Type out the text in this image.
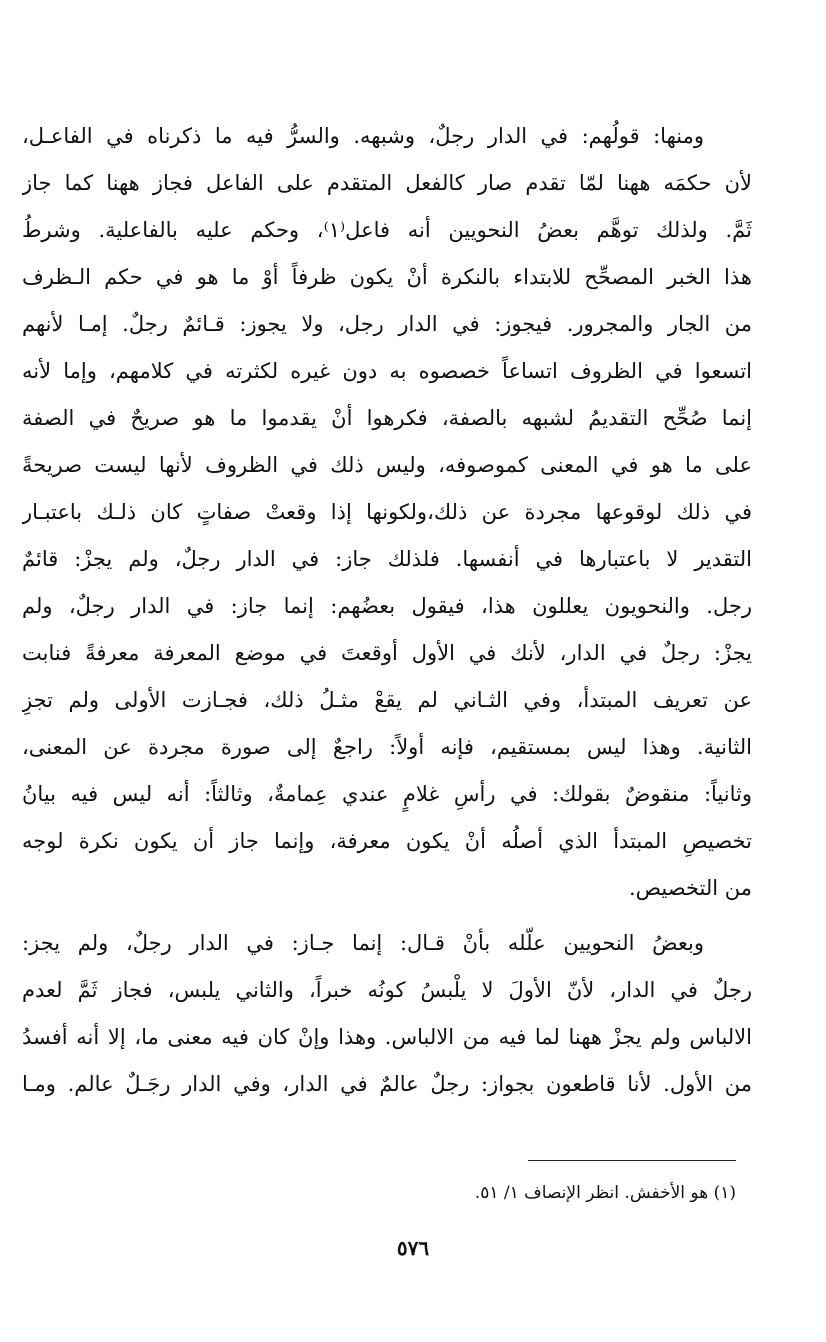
ومنها: قولُهم: في الدار رجلٌ، وشبهه. والسرُّ فيه ما ذكرناه في الفاعـل،
لأن حكمَه ههنا لمّا تقدم صار كالفعل المتقدم على الفاعل فجاز ههنا كما جاز
ثَمَّ. ولذلك توهَّم بعضُ النحويين أنه فاعل⁽١⁾، وحكم عليه بالفاعلية. وشرطُ
هذا الخبر المصحِّح للابتداء بالنكرة أنْ يكون ظرفاً أوْ ما هو في حكم الـظرف
من الجار والمجرور. فيجوز: في الدار رجل، ولا يجوز: قـائمٌ رجلٌ. إمـا لأنهم
اتسعوا في الظروف اتساعاً خصصوه به دون غيره لكثرته في كلامهم، وإما لأنه
إنما صُحِّح التقديمُ لشبهه بالصفة، فكرهوا أنْ يقدموا ما هو صريحٌ في الصفة
على ما هو في المعنى كموصوفه، وليس ذلك في الظروف لأنها ليست صريحةً
في ذلك لوقوعها مجردة عن ذلك،ولكونها إذا وقعتْ صفاتٍ كان ذلـك باعتبـار
التقدير لا باعتبارها في أنفسها. فلذلك جاز: في الدار رجلٌ، ولم يجزْ: قائمٌ
رجل. والنحويون يعللون هذا، فيقول بعضُهم: إنما جاز: في الدار رجلٌ، ولم
يجزْ: رجلٌ في الدار، لأنك في الأول أوقعتَ في موضع المعرفة معرفةً فنابت
عن تعريف المبتدأ، وفي الثـاني لم يقعْ مثـلُ ذلك، فجـازت الأولى ولم تجزِ
الثانية. وهذا ليس بمستقيم، فإنه أولاً: راجعٌ إلى صورة مجردة عن المعنى،
وثانياً: منقوضٌ بقولك: في رأسِ غلامٍ عندي عِمامةٌ، وثالثاً: أنه ليس فيه بيانُ
تخصيصِ المبتدأ الذي أصلُه أنْ يكون معرفة، وإنما جاز أن يكون نكرة لوجه
من التخصيص.
وبعضُ النحويين علّله بأنْ قـال: إنما جـاز: في الدار رجلٌ، ولم يجز:
رجلٌ في الدار، لأنّ الأولَ لا يلْبسُ كونُه خبراً، والثاني يلبس، فجاز ثَمَّ لعدم
الالباس ولم يجزْ ههنا لما فيه من الالباس. وهذا وإنْ كان فيه معنى ما، إلا أنه أفسدُ
من الأول. لأنا قاطعون بجواز: رجلٌ عالمٌ في الدار، وفي الدار رجَـلٌ عالم. ومـا
(١) هو الأخفش. انظر الإنصاف ١/ ٥١.
٥٧٦
